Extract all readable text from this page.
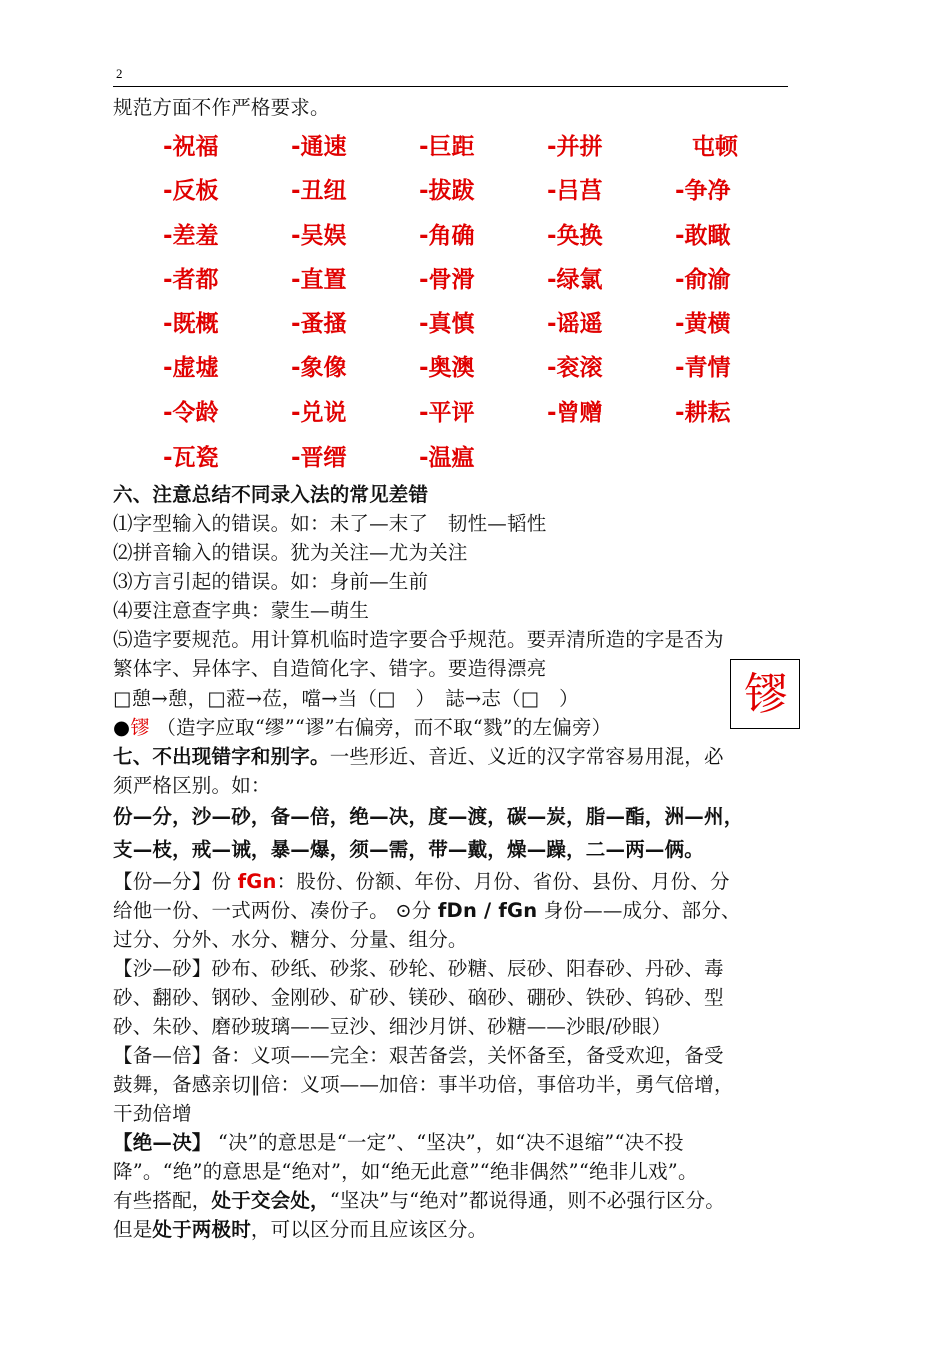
2
规范方面不作严格要求。
-祝福	-通速	-巨距	-并拼	屯顿
-反板	-丑纽	-拔跋	-吕莒	-争净
-差羞	-吴娱	-角确	-奂换	-敢瞰
-者都	-直置	-骨滑	-绿氯	-俞渝
-既概	-蚤搔	-真慎	-谣遥	-黄横
-虚墟	-象像	-奥澳	-衮滚	-青情
-令龄	-兑说	-平评	-曾赠	-耕耘
-瓦瓷	-晋缙	-温瘟
六、注意总结不同录入法的常见差错
⑴字型输入的错误。如：未了—末了　韧性—韬性
⑵拼音输入的错误。犹为关注—尤为关注
⑶方言引起的错误。如：身前—生前
⑷要注意查字典：蒙生—萌生
⑸造字要规范。用计算机临时造字要合乎规范。要弄清所造的字是否为
繁体字、异体字、自造简化字、错字。要造得漂亮
□憩→憩，□蒞→莅，噹→当（□　）　誌→志（□　）
●镠 （造字应取“缪”“谬”右偏旁，而不取“戮”的左偏旁）
镠
七、不出现错字和别字。一些形近、音近、义近的汉字常容易用混，必
须严格区别。如：
份—分，沙—砂，备—倍，绝—决，度—渡，碳—炭，脂—酯，洲—州，
支—枝，戒—诫，暴—爆，须—需，带—戴，燥—躁，二—两—俩。
【份—分】份 fGn：股份、份额、年份、月份、省份、县份、月份、分
给他一份、一式两份、凑份子。 ⊙分 fDn / fGn 身份——成分、部分、
过分、分外、水分、糖分、分量、组分。
【沙—砂】砂布、砂纸、砂浆、砂轮、砂糖、辰砂、阳春砂、丹砂、毒
砂、翻砂、钢砂、金刚砂、矿砂、镁砂、硇砂、硼砂、铁砂、钨砂、型
砂、朱砂、磨砂玻璃——豆沙、细沙月饼、砂糖——沙眼/砂眼）
【备—倍】备：义项——完全：艰苦备尝，关怀备至，备受欢迎，备受
鼓舞，备感亲切‖倍：义项——加倍：事半功倍，事倍功半，勇气倍增，
干劲倍增
【绝—决】 “决”的意思是“一定”、“坚决”，如“决不退缩”“决不投
降”。“绝”的意思是“绝对”，如“绝无此意”“绝非偶然”“绝非儿戏”。
有些搭配，处于交会处，“坚决”与“绝对”都说得通，则不必强行区分。
但是处于两极时，可以区分而且应该区分。
